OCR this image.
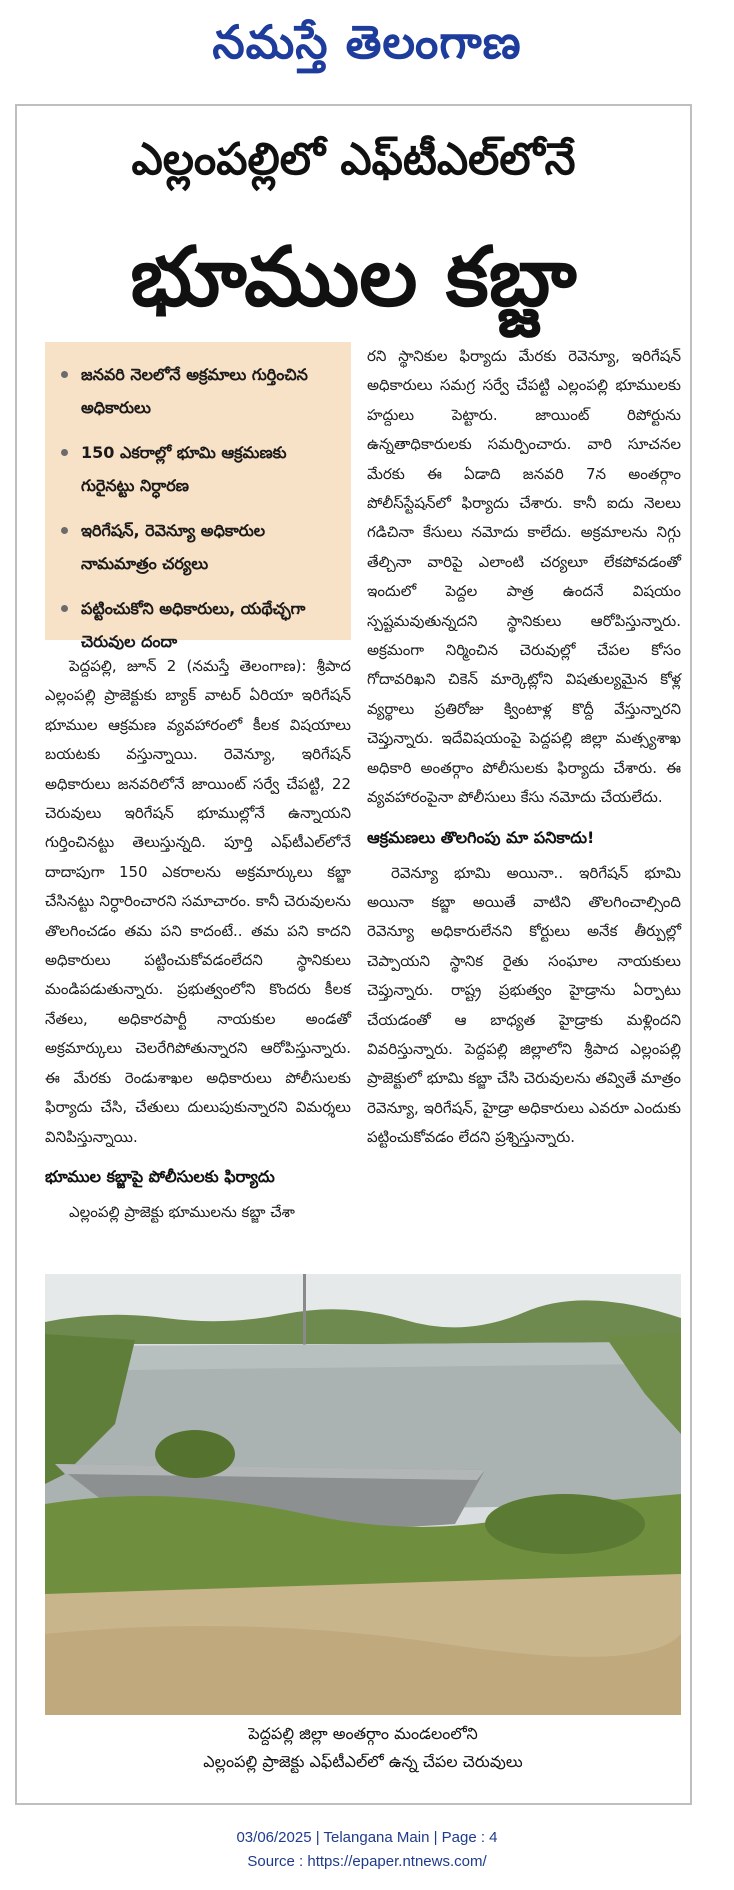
నమస్తే తెలంగాణ
ఎల్లంపల్లిలో ఎఫ్‌టీఎల్‌లోనే
భూముల కబ్జా
జనవరి నెలలోనే అక్రమాలు గుర్తించిన అధికారులు
150 ఎకరాల్లో భూమి ఆక్రమణకు గురైనట్టు నిర్ధారణ
ఇరిగేషన్‌, రెవెన్యూ అధికారుల నామమాత్రం చర్యలు
పట్టించుకోని అధికారులు, యథేచ్ఛగా చెరువుల దందా

పెద్దపల్లి, జూన్‌ 2 (నమస్తే తెలంగాణ): శ్రీపాద ఎల్లంపల్లి ప్రాజెక్టుకు బ్యాక్‌ వాటర్‌ ఏరియా ఇరిగేషన్‌ భూముల ఆక్రమణ వ్యవహారంలో కీలక విషయాలు బయటకు వస్తున్నాయి. రెవెన్యూ, ఇరిగేషన్‌ అధికారులు జనవరిలోనే జాయింట్‌ సర్వే చేపట్టి, 22 చెరువులు ఇరిగేషన్‌ భూముల్లోనే ఉన్నాయని గుర్తించినట్టు తెలుస్తున్నది. పూర్తి ఎఫ్‌టీఎల్‌లోనే దాదాపుగా 150 ఎకరాలను అక్రమార్కులు కబ్జా చేసినట్టు నిర్ధారించారని సమాచారం. కానీ చెరువులను తొలగించడం తమ పని కాదంటే.. తమ పని కాదని అధికారులు పట్టించుకోవడంలేదని స్థానికులు మండిపడుతున్నారు. ప్రభుత్వంలోని కొందరు కీలక నేతలు, అధికారపార్టీ నాయకుల అండతో అక్రమార్కులు చెలరేగిపోతున్నారని ఆరోపిస్తున్నారు. ఈ మేరకు రెండుశాఖల అధికారులు పోలీసులకు ఫిర్యాదు చేసి, చేతులు దులుపుకున్నారని విమర్శలు వినిపిస్తున్నాయి.

భూముల కబ్జాపై పోలీసులకు ఫిర్యాదు

ఎల్లంపల్లి ప్రాజెక్టు భూములను కబ్జా చేశా

రని స్థానికుల ఫిర్యాదు మేరకు రెవెన్యూ, ఇరిగేషన్‌ అధికారులు సమగ్ర సర్వే చేపట్టి ఎల్లంపల్లి భూములకు హద్దులు పెట్టారు. జాయింట్‌ రిపోర్టును ఉన్నతాధికారులకు సమర్పించారు. వారి సూచనల మేరకు ఈ ఏడాది జనవరి 7న అంతర్గాం పోలీస్‌స్టేషన్‌లో ఫిర్యాదు చేశారు. కానీ ఐదు నెలలు గడిచినా కేసులు నమోదు కాలేదు. అక్రమాలను నిగ్గు తేల్చినా వారిపై ఎలాంటి చర్యలూ లేకపోవడంతో ఇందులో పెద్దల పాత్ర ఉందనే విషయం స్పష్టమవుతున్నదని స్థానికులు ఆరోపిస్తున్నారు. అక్రమంగా నిర్మించిన చెరువుల్లో చేపల కోసం గోదావరిఖని చికెన్‌ మార్కెట్లోని విషతుల్యమైన కోళ్ల వ్యర్థాలు ప్రతిరోజు క్వింటాళ్ల కొద్దీ వేస్తున్నారని చెప్తున్నారు. ఇదేవిషయంపై పెద్దపల్లి జిల్లా మత్స్యశాఖ అధికారి అంతర్గాం పోలీసులకు ఫిర్యాదు చేశారు. ఈ వ్యవహారంపైనా పోలీసులు కేసు నమోదు చేయలేదు.

ఆక్రమణలు తొలగింపు మా పనికాదు!

రెవెన్యూ భూమి అయినా.. ఇరిగేషన్‌ భూమి అయినా కబ్జా అయితే వాటిని తొలగించాల్సింది రెవెన్యూ అధికారులేనని కోర్టులు అనేక తీర్పుల్లో చెప్పాయని స్థానిక రైతు సంఘాల నాయకులు చెప్తున్నారు. రాష్ట్ర ప్రభుత్వం హైడ్రాను ఏర్పాటు చేయడంతో ఆ బాధ్యత హైడ్రాకు మళ్లిందని వివరిస్తున్నారు. పెద్దపల్లి జిల్లాలోని శ్రీపాద ఎల్లంపల్లి ప్రాజెక్టులో భూమి కబ్జా చేసి చెరువులను తవ్వితే మాత్రం రెవెన్యూ, ఇరిగేషన్‌, హైడ్రా అధికారులు ఎవరూ ఎందుకు పట్టించుకోవడం లేదని ప్రశ్నిస్తున్నారు.

పెద్దపల్లి జిల్లా అంతర్గాం మండలంలోని
ఎల్లంపల్లి ప్రాజెక్టు ఎఫ్‌టీఎల్‌లో ఉన్న చేపల చెరువులు
03/06/2025 | Telangana Main | Page : 4
Source : https://epaper.ntnews.com/
